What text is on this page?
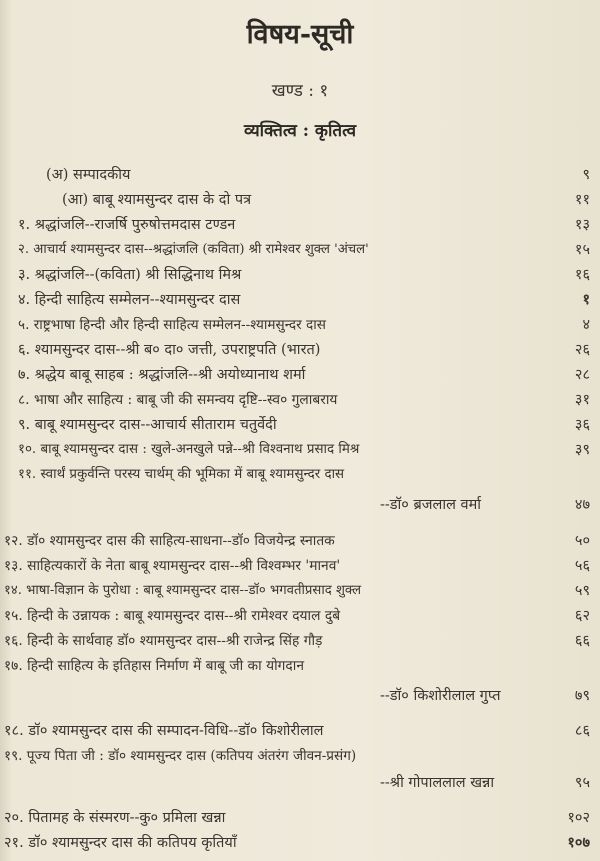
विषय-सूची
खण्ड : १
व्यक्तित्व : कृतित्व
(अ) सम्पादकीय	९
(आ) बाबू श्यामसुन्दर दास के दो पत्र	११
१. श्रद्धांजलि--राजर्षि पुरुषोत्तमदास टण्डन	१३
२. आचार्य श्यामसुन्दर दास--श्रद्धांजलि (कविता) श्री रामेश्वर शुक्ल 'अंचल'	१५
३. श्रद्धांजलि--(कविता) श्री सिद्धिनाथ मिश्र	१६
४. हिन्दी साहित्य सम्मेलन--श्यामसुन्दर दास	१
५. राष्ट्रभाषा हिन्दी और हिन्दी साहित्य सम्मेलन--श्यामसुन्दर दास	४
६. श्यामसुन्दर दास--श्री ब० दा० जत्ती, उपराष्ट्रपति (भारत)	२६
७. श्रद्धेय बाबू साहब : श्रद्धांजलि--श्री अयोध्यानाथ शर्मा	२८
८. भाषा और साहित्य : बाबू जी की समन्वय दृष्टि--स्व० गुलाबराय	३१
९. बाबू श्यामसुन्दर दास--आचार्य सीताराम चतुर्वेदी	३६
१०. बाबू श्यामसुन्दर दास : खुले-अनखुले पन्ने--श्री विश्वनाथ प्रसाद मिश्र	३९
११. स्वार्थं प्रकुर्वन्ति परस्य चार्थम् की भूमिका में बाबू श्यामसुन्दर दास
--डॉ० ब्रजलाल वर्मा	४७
१२. डॉ० श्यामसुन्दर दास की साहित्य-साधना--डॉ० विजयेन्द्र स्नातक	५०
१३. साहित्यकारों के नेता बाबू श्यामसुन्दर दास--श्री विश्वम्भर 'मानव'	५६
१४. भाषा-विज्ञान के पुरोधा : बाबू श्यामसुन्दर दास--डॉ० भगवतीप्रसाद शुक्ल	५९
१५. हिन्दी के उन्नायक : बाबू श्यामसुन्दर दास--श्री रामेश्वर दयाल दुबे	६२
१६. हिन्दी के सार्थवाह डॉ० श्यामसुन्दर दास--श्री राजेन्द्र सिंह गौड़	६६
१७. हिन्दी साहित्य के इतिहास निर्माण में बाबू जी का योगदान
--डॉ० किशोरीलाल गुप्त	७९
१८. डॉ० श्यामसुन्दर दास की सम्पादन-विधि--डॉ० किशोरीलाल	८६
१९. पूज्य पिता जी : डॉ० श्यामसुन्दर दास (कतिपय अंतरंग जीवन-प्रसंग)
--श्री गोपाललाल खन्ना	९५
२०. पितामह के संस्मरण--कु० प्रमिला खन्ना	१०२
२१. डॉ० श्यामसुन्दर दास की कतिपय कृतियाँ	१०७
